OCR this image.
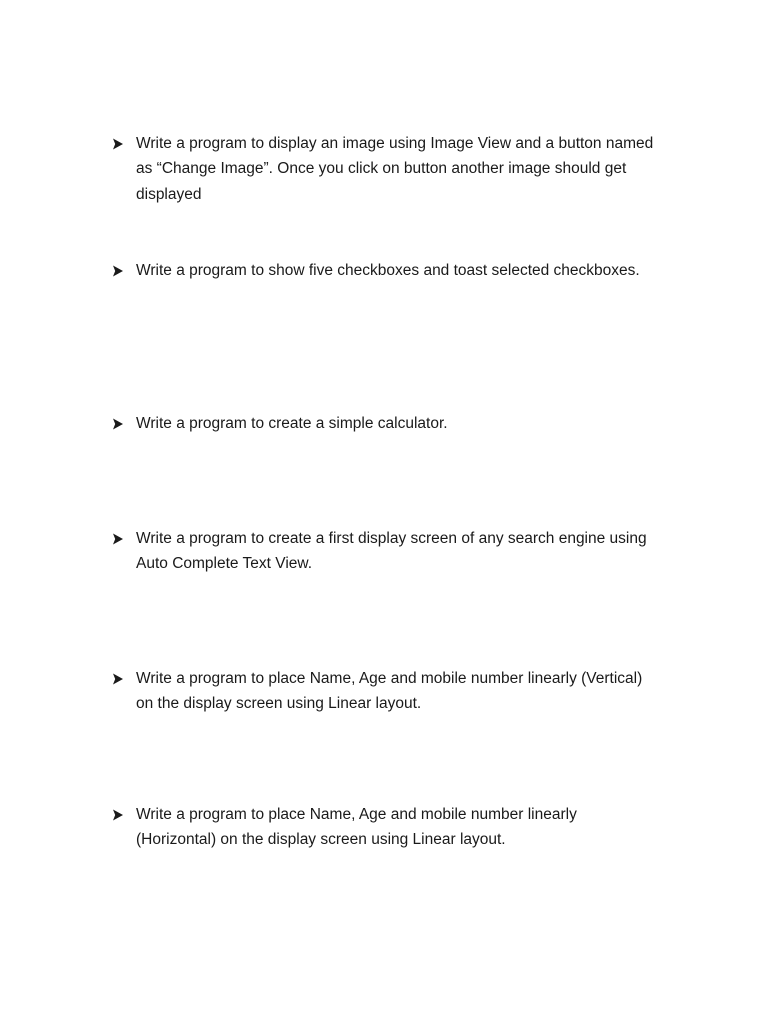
Write a program to display an image using Image View and a button named
as “Change Image”. Once you click on button another image should get
displayed
Write a program to show five checkboxes and toast selected checkboxes.
Write a program to create a simple calculator.
Write a program to create a first display screen of any search engine using
Auto Complete Text View.
Write a program to place Name, Age and mobile number linearly (Vertical)
on the display screen using Linear layout.
Write a program to place Name, Age and mobile number linearly
(Horizontal) on the display screen using Linear layout.
